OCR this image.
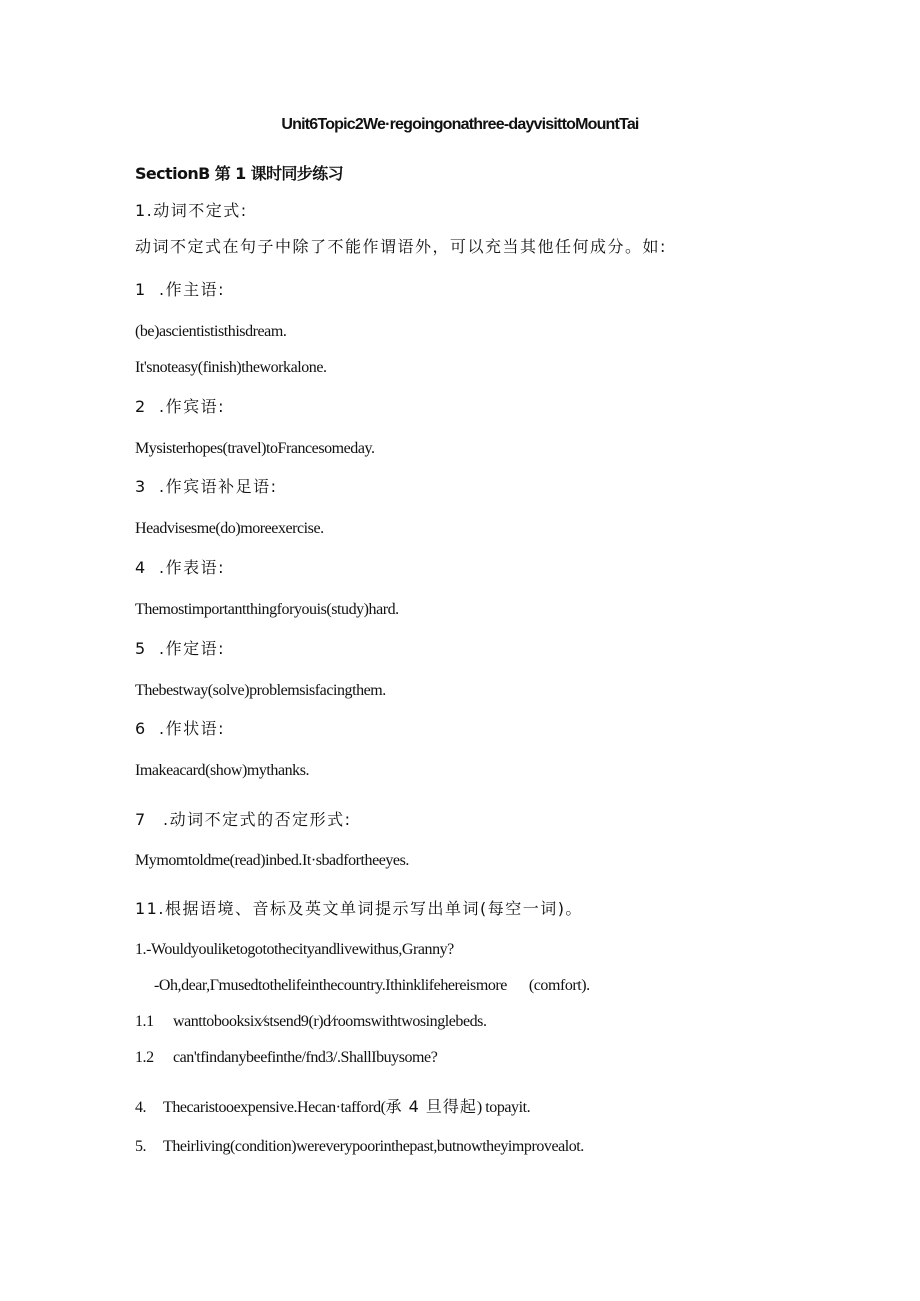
Unit6Topic2We·regoingonathree-dayvisittoMountTai
SectionB 第 1 课时同步练习
1.动词不定式:
动词不定式在句子中除了不能作谓语外，可以充当其他任何成分。如:
1 .作主语:
(be)ascientististhisdream.
It'snoteasy(finish)theworkalone.
2 .作宾语:
Mysisterhopes(travel)toFrancesomeday.
3 .作宾语补足语:
Headvisesme(do)moreexercise.
4 .作表语:
Themostimportantthingforyouis(study)hard.
5 .作定语:
Thebestway(solve)problemsisfacingthem.
6 .作状语:
Imakeacard(show)mythanks.
7 .动词不定式的否定形式:
Mymomtoldme(read)inbed.It·sbadfortheeyes.
11.根据语境、音标及英文单词提示写出单词(每空一词)。
1.-Wouldyouliketogotothecityandlivewithus,Granny?
-Oh,dear,Γmusedtothelifeinthecountry.Ithinklifehereismore (comfort).
1.1 wanttobooksix⁄stsend9(r)d⁄roomswithtwosinglebeds.
1.2 can'tfindanybeefinthe/fnd3/.ShallIbuysome?
4. Thecaristooexpensive.Hecan·tafford(承 4 旦得起) topayit.
5. Theirliving(condition)wereverypoorinthepast,butnowtheyimprovealot.
